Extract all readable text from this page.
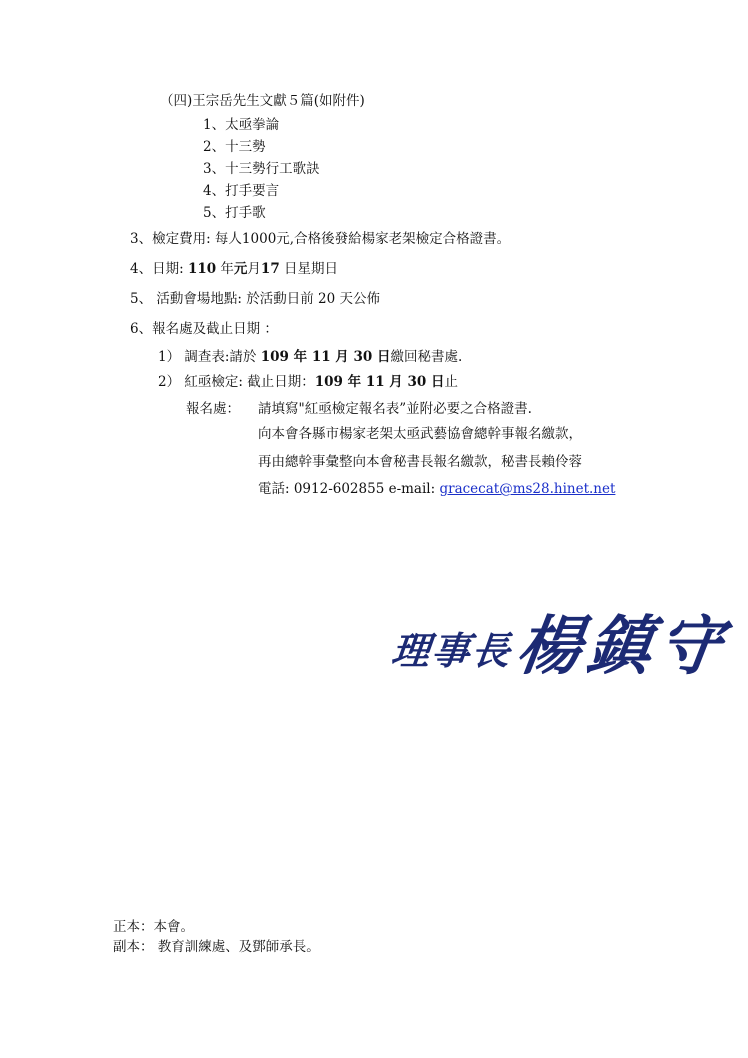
（四)王宗岳先生文獻５篇(如附件)
1、太亟拳論
2、十三勢
3、十三勢行工歌訣
4、打手要言
5、打手歌
3、檢定費用: 每人1000元,合格後發給楊家老架檢定合格證書。
4、日期: 110 年元月17 日星期日
5、 活動會場地點: 於活動日前 20 天公佈
6、報名處及截止日期 ：
1） 調查表:請於 109 年 11 月 30 日繳回秘書處.
2） 紅亟檢定: 截止日期：109 年 11 月 30 日止
報名處： 請填寫"紅亟檢定報名表”並附必要之合格證書.
向本會各縣市楊家老架太亟武藝協會總幹事報名繳款，
再由總幹事彙整向本會秘書長報名繳款，秘書長賴伶蓉
電話: 0912-602855 e-mail: gracecat@ms28.hinet.net
理事長
楊鎮守
正本：本會。
副本： 教育訓練處、及鄧師承長。
